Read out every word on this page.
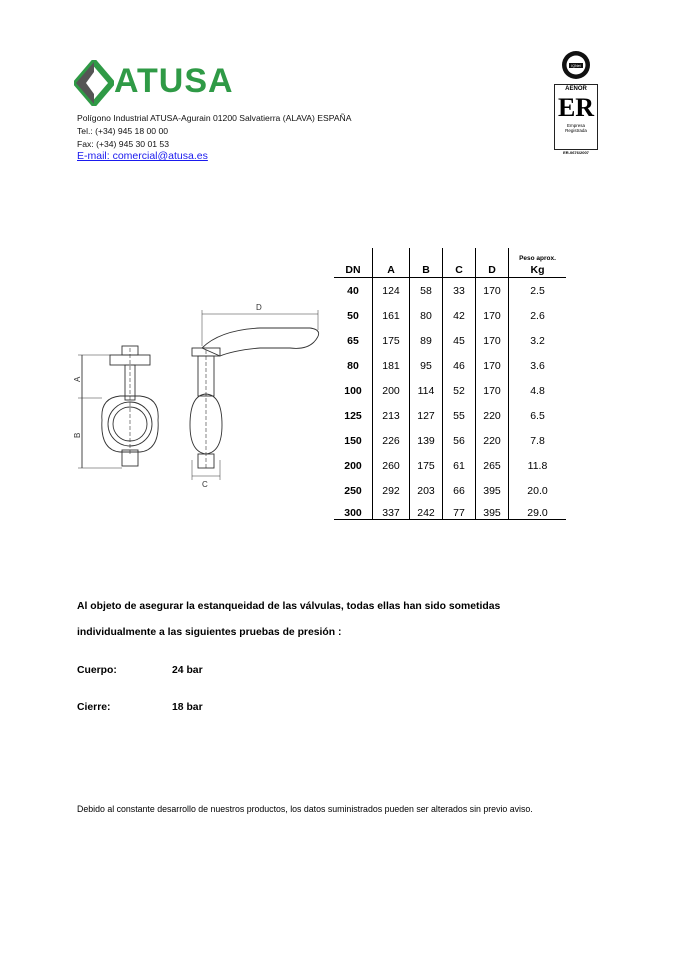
ATUSA
Polígono Industrial ATUSA-Agurain 01200 Salvatierra (ALAVA) ESPAÑA
Tel.: (+34) 945 18 00 00
Fax: (+34) 945 30 01 53
E-mail: comercial@atusa.es
IQNet
AENOR
ER
Empresa
Registrada
ER-0676/2007
A
B
D
C
DN	A	B	C	D	Peso aprox.
Kg

40	124	58	33	170	2.5
50	161	80	42	170	2.6
65	175	89	45	170	3.2
80	181	95	46	170	3.6
100	200	114	52	170	4.8
125	213	127	55	220	6.5
150	226	139	56	220	7.8
200	260	175	61	265	11.8
250	292	203	66	395	20.0
300	337	242	77	395	29.0
Al objeto de asegurar la estanqueidad de las válvulas, todas ellas han sido sometidas
individualmente a las siguientes pruebas de presión :
Cuerpo:	24 bar
Cierre:	18 bar
Debido al constante desarrollo de nuestros productos, los datos suministrados pueden ser alterados sin previo aviso.
